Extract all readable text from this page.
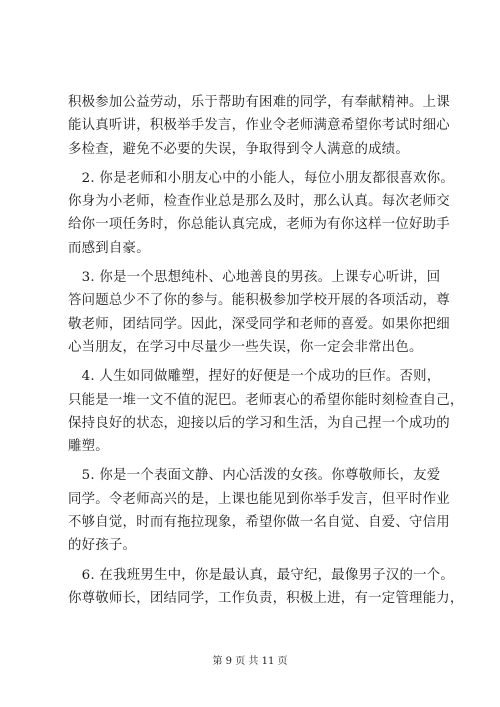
积极参加公益劳动，乐于帮助有困难的同学，有奉献精神。上课
能认真听讲，积极举手发言，作业令老师满意希望你考试时细心
多检查，避免不必要的失误，争取得到令人满意的成绩。
　2. 你是老师和小朋友心中的小能人，每位小朋友都很喜欢你。
你身为小老师，检查作业总是那么及时，那么认真。每次老师交
给你一项任务时，你总能认真完成，老师为有你这样一位好助手
而感到自豪。
　3. 你是一个思想纯朴、心地善良的男孩。上课专心听讲，回
答问题总少不了你的参与。能积极参加学校开展的各项活动，尊
敬老师，团结同学。因此，深受同学和老师的喜爱。如果你把细
心当朋友，在学习中尽量少一些失误，你一定会非常出色。
　4. 人生如同做雕塑，捏好的好便是一个成功的巨作。否则，
只能是一堆一文不值的泥巴。老师衷心的希望你能时刻检查自己，
保持良好的状态，迎接以后的学习和生活，为自己捏一个成功的
雕塑。
　5. 你是一个表面文静、内心活泼的女孩。你尊敬师长，友爱
同学。令老师高兴的是，上课也能见到你举手发言，但平时作业
不够自觉，时而有拖拉现象，希望你做一名自觉、自爱、守信用
的好孩子。
　6. 在我班男生中，你是最认真，最守纪，最像男子汉的一个。
你尊敬师长，团结同学，工作负责，积极上进，有一定管理能力，
第 9 页 共 11 页
